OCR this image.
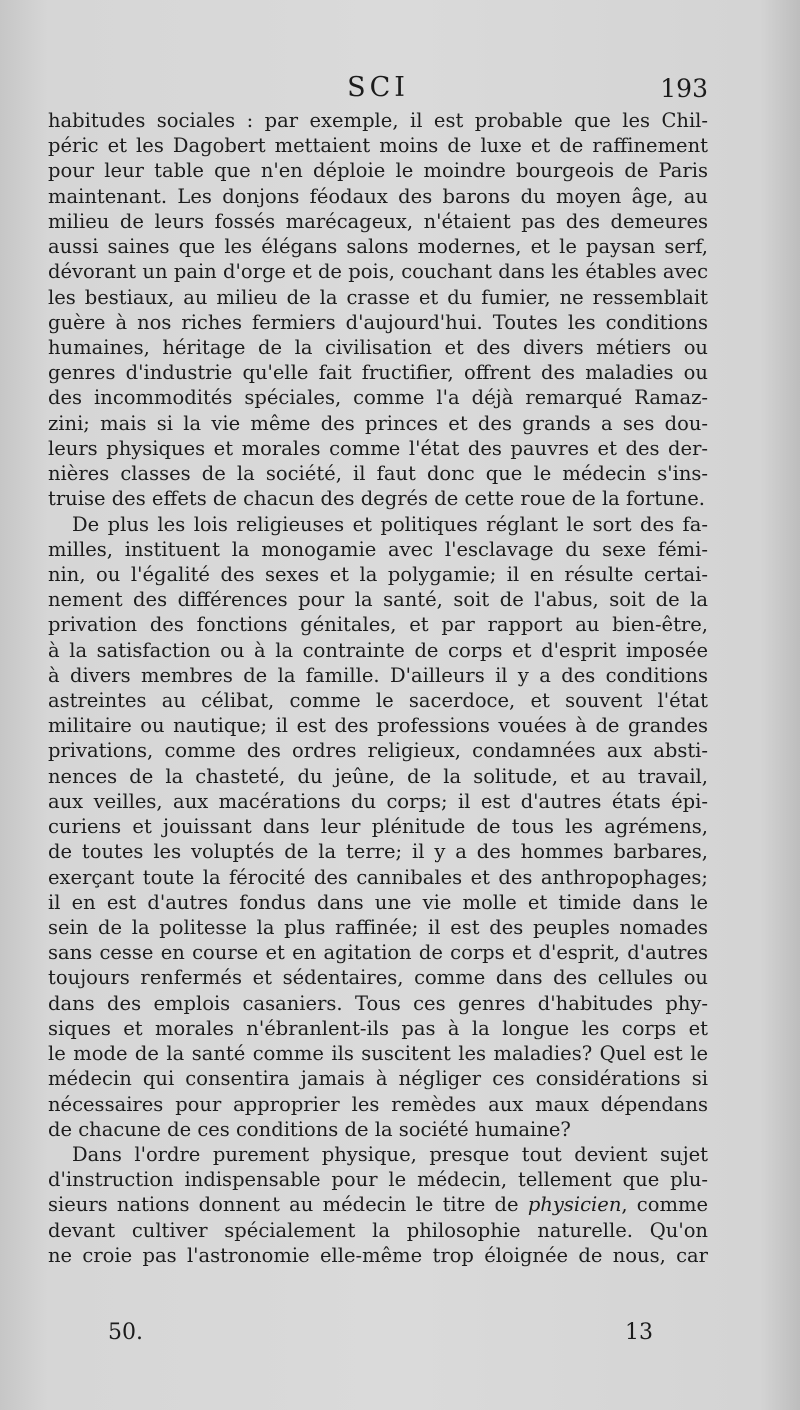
SCI	193
habitudes sociales : par exemple, il est probable que les Chil-
péric et les Dagobert mettaient moins de luxe et de raffinement
pour leur table que n'en déploie le moindre bourgeois de Paris
maintenant. Les donjons féodaux des barons du moyen âge, au
milieu de leurs fossés marécageux, n'étaient pas des demeures
aussi saines que les élégans salons modernes, et le paysan serf,
dévorant un pain d'orge et de pois, couchant dans les étables avec
les bestiaux, au milieu de la crasse et du fumier, ne ressemblait
guère à nos riches fermiers d'aujourd'hui. Toutes les conditions
humaines, héritage de la civilisation et des divers métiers ou
genres d'industrie qu'elle fait fructifier, offrent des maladies ou
des incommodités spéciales, comme l'a déjà remarqué Ramaz-
zini; mais si la vie même des princes et des grands a ses dou-
leurs physiques et morales comme l'état des pauvres et des der-
nières classes de la société, il faut donc que le médecin s'ins-
truise des effets de chacun des degrés de cette roue de la fortune.
De plus les lois religieuses et politiques réglant le sort des fa-
milles, instituent la monogamie avec l'esclavage du sexe fémi-
nin, ou l'égalité des sexes et la polygamie; il en résulte certai-
nement des différences pour la santé, soit de l'abus, soit de la
privation des fonctions génitales, et par rapport au bien-être,
à la satisfaction ou à la contrainte de corps et d'esprit imposée
à divers membres de la famille. D'ailleurs il y a des conditions
astreintes au célibat, comme le sacerdoce, et souvent l'état
militaire ou nautique; il est des professions vouées à de grandes
privations, comme des ordres religieux, condamnées aux absti-
nences de la chasteté, du jeûne, de la solitude, et au travail,
aux veilles, aux macérations du corps; il est d'autres états épi-
curiens et jouissant dans leur plénitude de tous les agrémens,
de toutes les voluptés de la terre; il y a des hommes barbares,
exerçant toute la férocité des cannibales et des anthropophages;
il en est d'autres fondus dans une vie molle et timide dans le
sein de la politesse la plus raffinée; il est des peuples nomades
sans cesse en course et en agitation de corps et d'esprit, d'autres
toujours renfermés et sédentaires, comme dans des cellules ou
dans des emplois casaniers. Tous ces genres d'habitudes phy-
siques et morales n'ébranlent-ils pas à la longue les corps et
le mode de la santé comme ils suscitent les maladies? Quel est le
médecin qui consentira jamais à négliger ces considérations si
nécessaires pour approprier les remèdes aux maux dépendans
de chacune de ces conditions de la société humaine?
Dans l'ordre purement physique, presque tout devient sujet
d'instruction indispensable pour le médecin, tellement que plu-
sieurs nations donnent au médecin le titre de physicien, comme
devant cultiver spécialement la philosophie naturelle. Qu'on
ne croie pas l'astronomie elle-même trop éloignée de nous, car
50.	13
